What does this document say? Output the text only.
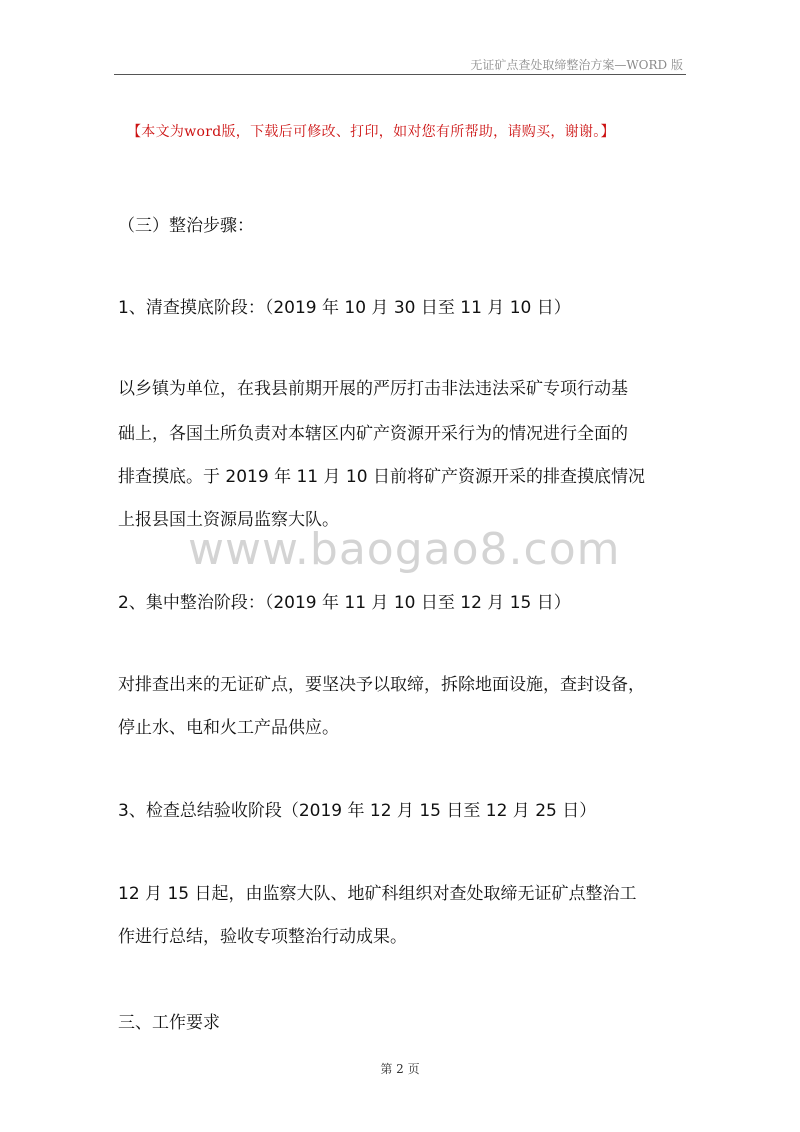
无证矿点查处取缔整治方案—WORD 版
【本文为word版，下载后可修改、打印，如对您有所帮助，请购买，谢谢。】
（三）整治步骤：
1、清查摸底阶段：（2019 年 10 月 30 日至 11 月 10 日）
以乡镇为单位，在我县前期开展的严厉打击非法违法采矿专项行动基
础上，各国土所负责对本辖区内矿产资源开采行为的情况进行全面的
排查摸底。于 2019 年 11 月 10 日前将矿产资源开采的排查摸底情况
上报县国土资源局监察大队。
www.baogao8.com
2、集中整治阶段：（2019 年 11 月 10 日至 12 月 15 日）
对排查出来的无证矿点，要坚决予以取缔，拆除地面设施，查封设备，
停止水、电和火工产品供应。
3、检查总结验收阶段（2019 年 12 月 15 日至 12 月 25 日）
12 月 15 日起，由监察大队、地矿科组织对查处取缔无证矿点整治工
作进行总结，验收专项整治行动成果。
三、工作要求
第 2 页
